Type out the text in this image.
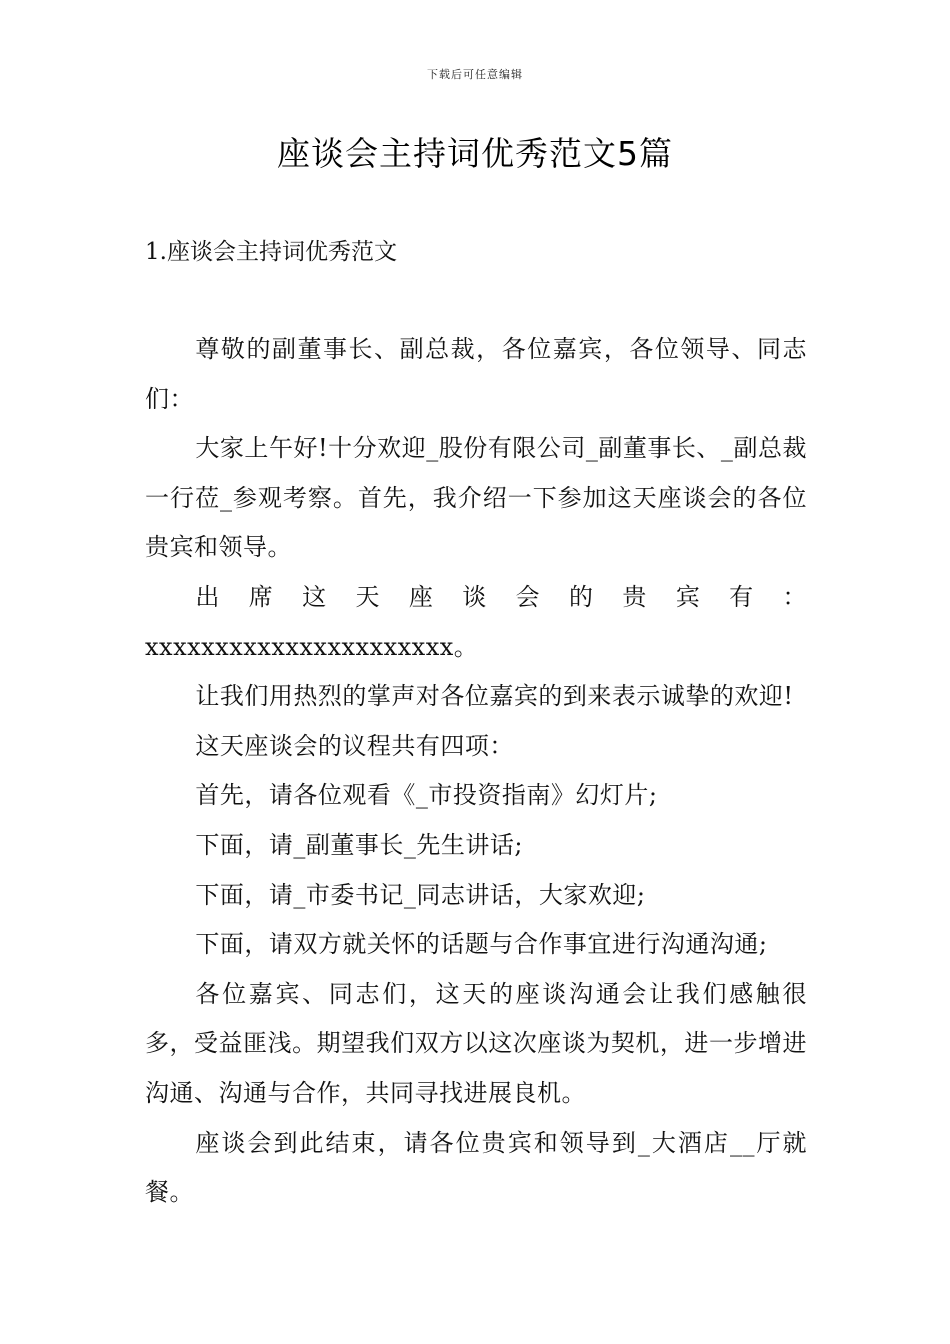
下载后可任意编辑
座谈会主持词优秀范文5篇
1.座谈会主持词优秀范文

尊敬的副董事长、副总裁，各位嘉宾，各位领导、同志们：

大家上午好!十分欢迎_股份有限公司_副董事长、_副总裁一行莅_参观考察。首先，我介绍一下参加这天座谈会的各位贵宾和领导。

出席这天座谈会的贵宾有：xxxxxxxxxxxxxxxxxxxxxx。

让我们用热烈的掌声对各位嘉宾的到来表示诚挚的欢迎!

这天座谈会的议程共有四项：

首先，请各位观看《_市投资指南》幻灯片;

下面，请_副董事长_先生讲话;

下面，请_市委书记_同志讲话，大家欢迎;

下面，请双方就关怀的话题与合作事宜进行沟通沟通;

各位嘉宾、同志们，这天的座谈沟通会让我们感触很多，受益匪浅。期望我们双方以这次座谈为契机，进一步增进沟通、沟通与合作，共同寻找进展良机。

座谈会到此结束，请各位贵宾和领导到_大酒店__厅就餐。
